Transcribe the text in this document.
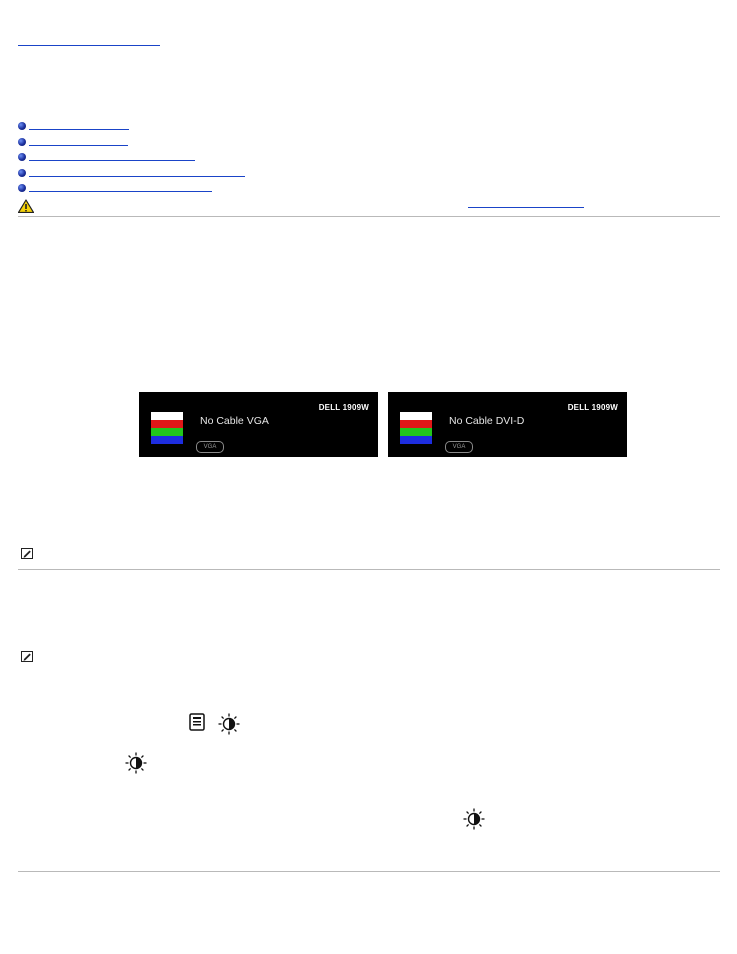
DELL 1909W
No Cable VGA
VGA
DELL 1909W
No Cable DVI-D
VGA
